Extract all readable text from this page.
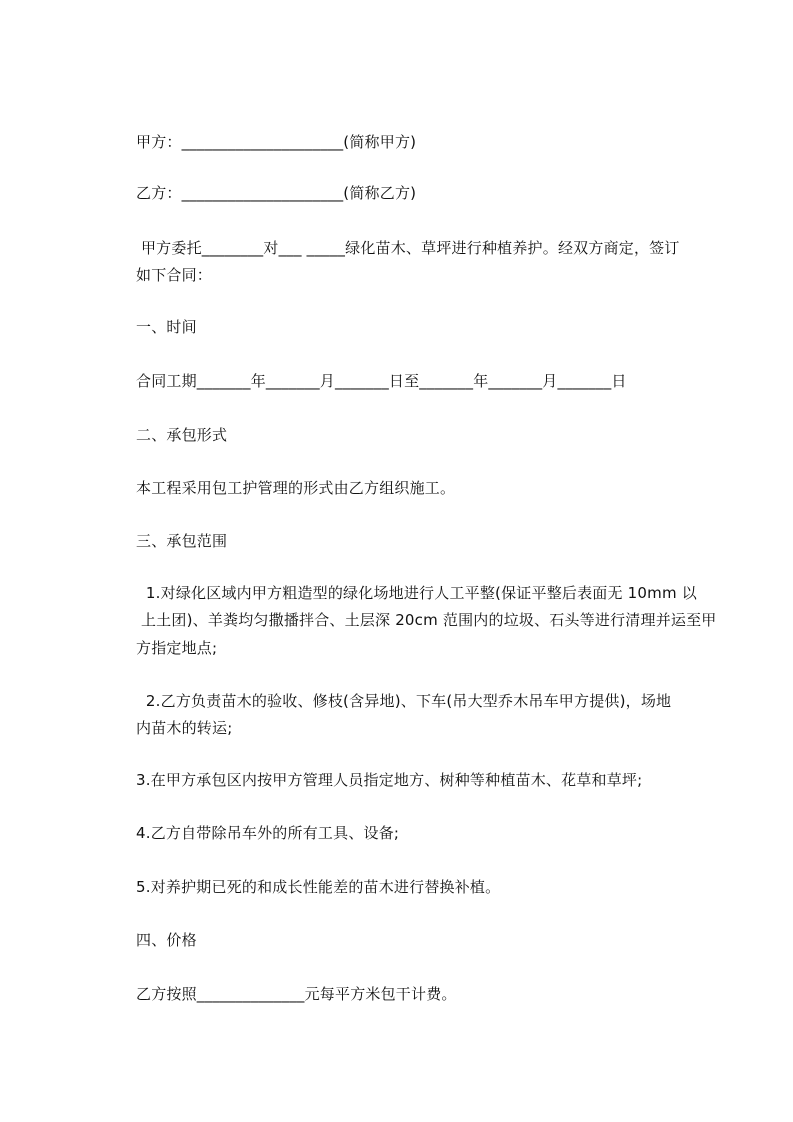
甲方：_____________________(简称甲方)
乙方：_____________________(简称乙方)
甲方委托________对___ _____绿化苗木、草坪进行种植养护。经双方商定，签订
如下合同：
一、时间
合同工期_______年_______月_______日至_______年_______月_______日
二、承包形式
本工程采用包工护管理的形式由乙方组织施工。
三、承包范围
1.对绿化区域内甲方粗造型的绿化场地进行人工平整(保证平整后表面无 10mm 以
上土团)、羊粪均匀撒播拌合、土层深 20cm 范围内的垃圾、石头等进行清理并运至甲
方指定地点;
2.乙方负责苗木的验收、修枝(含异地)、下车(吊大型乔木吊车甲方提供)，场地
内苗木的转运;
3.在甲方承包区内按甲方管理人员指定地方、树种等种植苗木、花草和草坪;
4.乙方自带除吊车外的所有工具、设备;
5.对养护期已死的和成长性能差的苗木进行替换补植。
四、价格
乙方按照______________元每平方米包干计费。
